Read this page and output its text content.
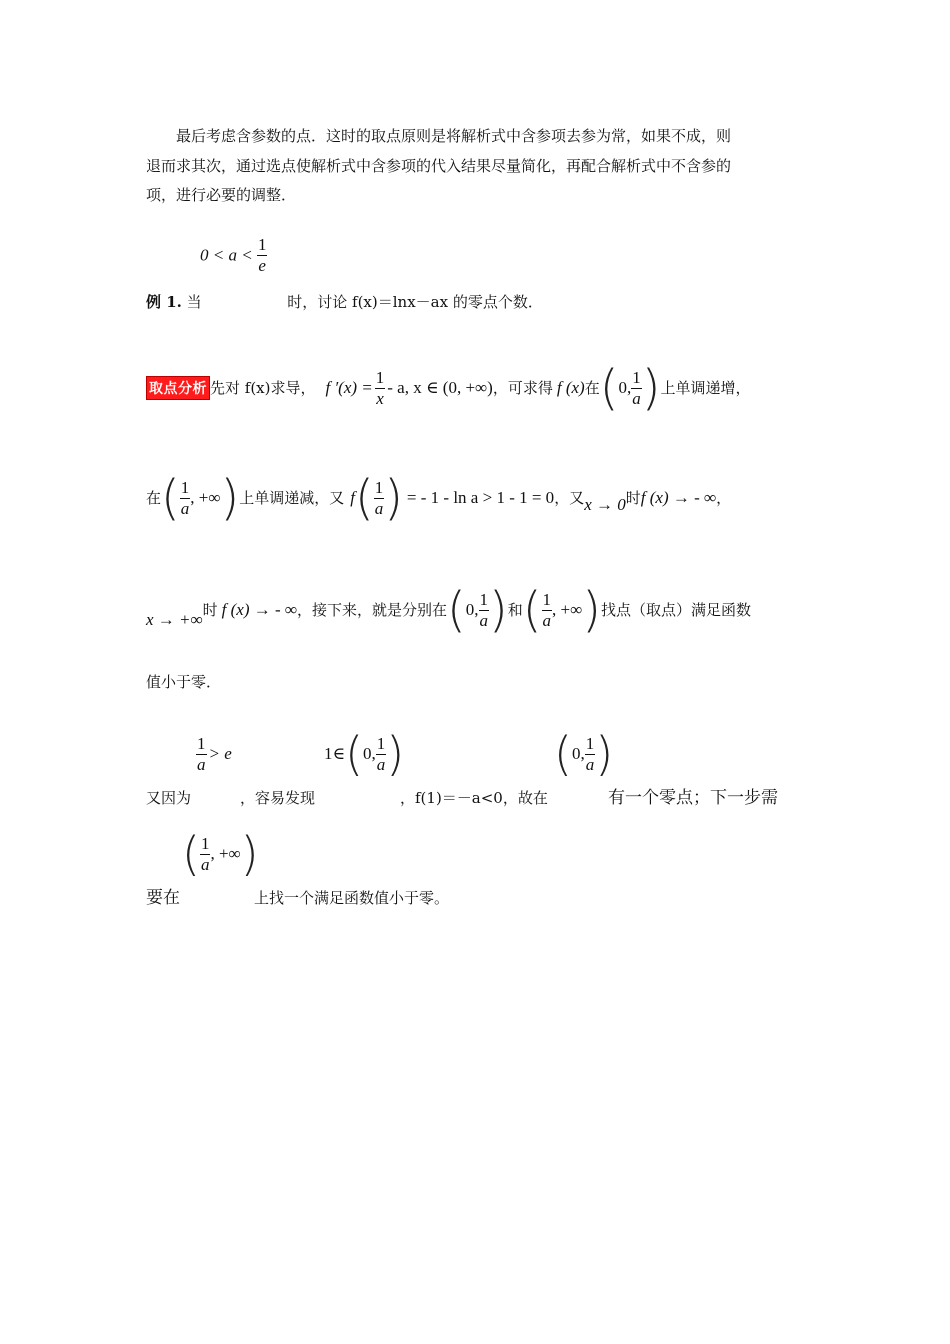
最后考虑含参数的点．这时的取点原则是将解析式中含参项去参为常，如果不成，则
退而求其次，通过选点使解析式中含参项的代入结果尽量简化，再配合解析式中不含参的
项，进行必要的调整．
$0 < a < \frac{1}{e}$
例 1. 当	时，讨论 f(x)＝lnx－ax 的零点个数．
取点分析 先对 f(x)求导， f $'(x) = \frac{1}{x} - a$, x ∈ (0, +∞) ，可求得 f (x) 在 ( 0, $\frac{1}{a}$ ) 上单调递增，
在 ( $\frac{1}{a}$ , +∞ ) 上单调递减，又 f ( $\frac{1}{a}$ ) = - 1 - ln a > 1 - 1 = 0 ，又 x → 0 时 f (x) → - ∞ ，
x → +∞ 时 f (x) → - ∞ ，接下来，就是分别在 ( 0, $\frac{1}{a}$ ) 和 ( $\frac{1}{a}$ , +∞ ) 找点（取点）满足函数
值小于零．
$\frac{1}{a} > e$	1∈ ( 0, $\frac{1}{a}$ )	( 0, $\frac{1}{a}$ )
又因为	，容易发现	，f(1)＝－a<0，故在	有一个零点；下一步需
( $\frac{1}{a}$ , +∞ )
要在	上找一个满足函数值小于零。
